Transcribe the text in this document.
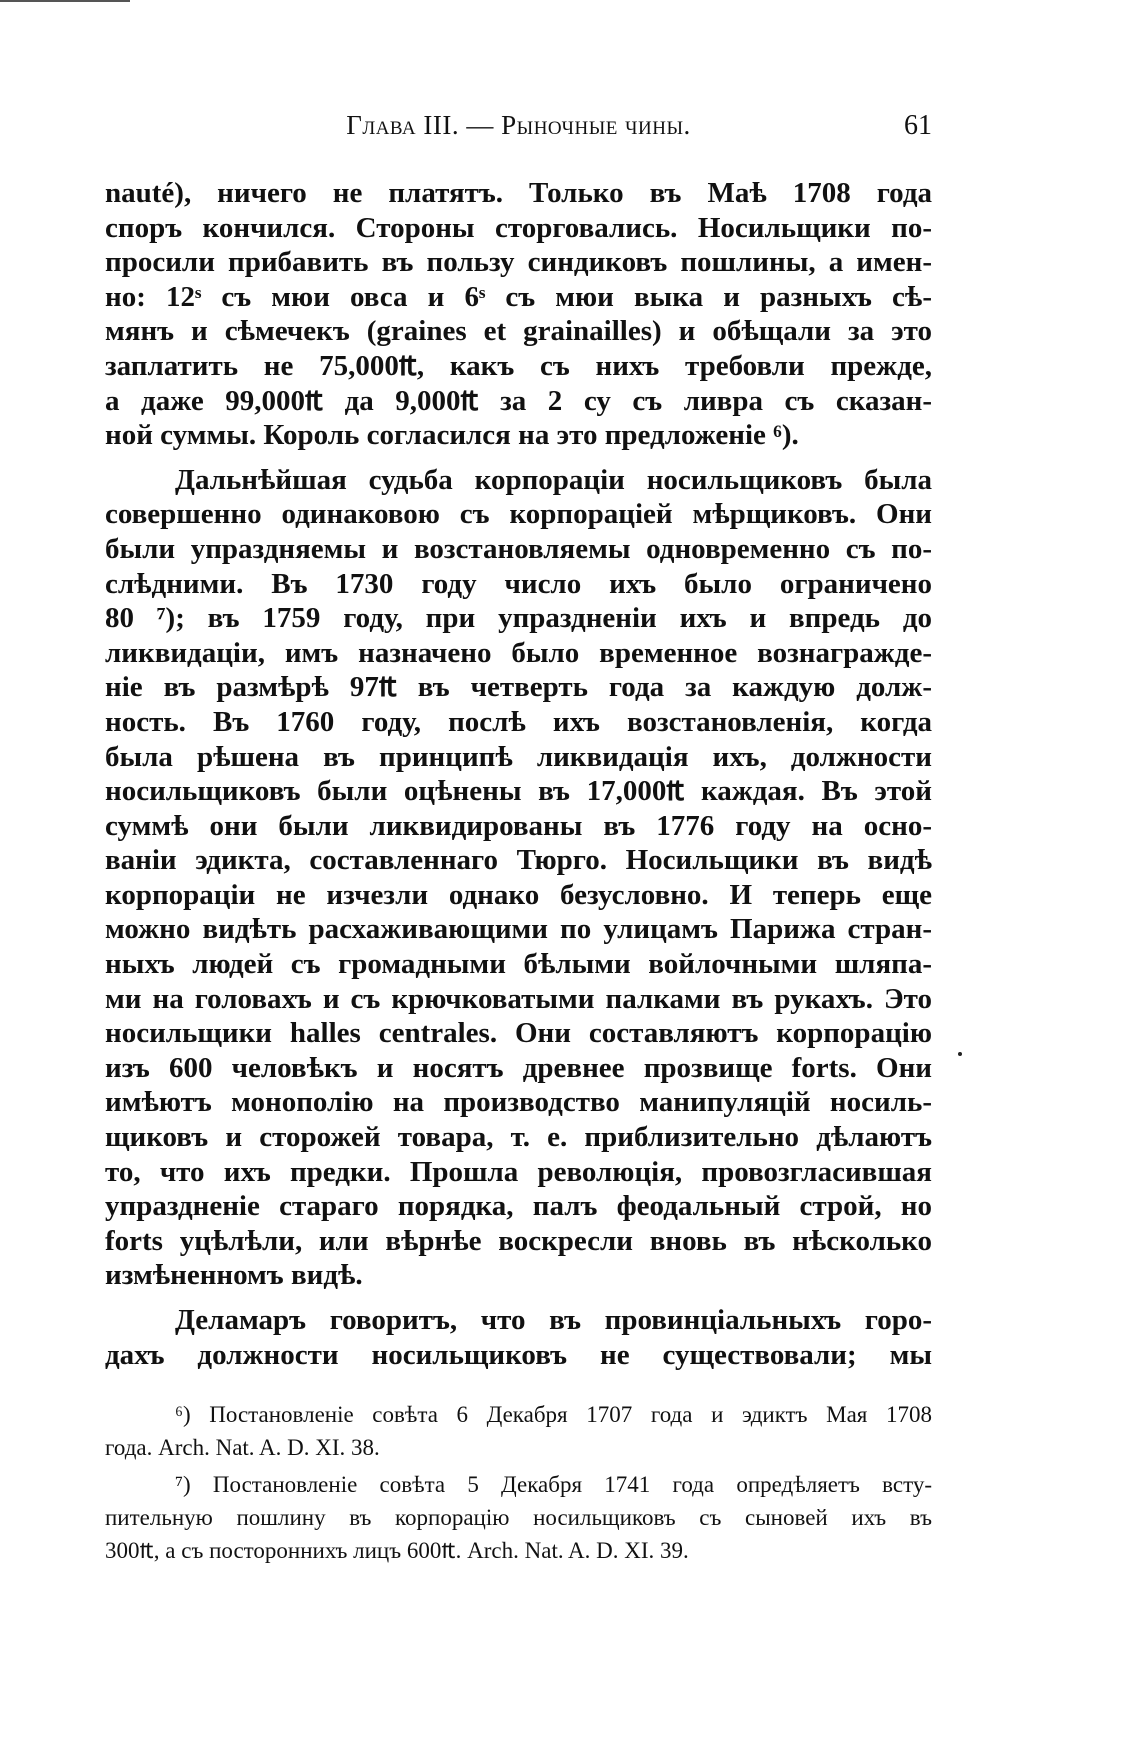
Глава III. — Рыночные чины.	61
nauté), ничего не платятъ. Только въ Маѣ 1708 года
споръ кончился. Стороны сторговались. Носильщики по-
просили прибавить въ пользу синдиковъ пошлины, а имен-
но: 12ˢ съ мюи овса и 6ˢ съ мюи выка и разныхъ сѣ-
мянъ и сѣмечекъ (graines et grainailles) и обѣщали за это
заплатить не 75,000₶, какъ съ нихъ требовли прежде,
а даже 99,000₶ да 9,000₶ за 2 су съ ливра съ сказан-
ной суммы. Король согласился на это предложеніе ⁶).
Дальнѣйшая судьба корпораціи носильщиковъ была
совершенно одинаковою съ корпораціей мѣрщиковъ. Они
были упраздняемы и возстановляемы одновременно съ по-
слѣдними. Въ 1730 году число ихъ было ограничено
80 ⁷); въ 1759 году, при упраздненіи ихъ и впредь до
ликвидаціи, имъ назначено было временное вознагражде-
ніе въ размѣрѣ 97₶ въ четверть года за каждую долж-
ность. Въ 1760 году, послѣ ихъ возстановленія, когда
была рѣшена въ принципѣ ликвидація ихъ, должности
носильщиковъ были оцѣнены въ 17,000₶ каждая. Въ этой
суммѣ они были ликвидированы въ 1776 году на осно-
ваніи эдикта, составленнаго Тюрго. Носильщики въ видѣ
корпораціи не изчезли однако безусловно. И теперь еще
можно видѣть расхаживающими по улицамъ Парижа стран-
ныхъ людей съ громадными бѣлыми войлочными шляпа-
ми на головахъ и съ крючковатыми палками въ рукахъ. Это
носильщики halles centrales. Они составляютъ корпорацію
изъ 600 человѣкъ и носятъ древнее прозвище forts. Они
имѣютъ монополію на производство манипуляцій носиль-
щиковъ и сторожей товара, т. е. приблизительно дѣлаютъ
то, что ихъ предки. Прошла революція, провозгласившая
упраздненіе стараго порядка, палъ феодальный строй, но
forts уцѣлѣли, или вѣрнѣе воскресли вновь въ нѣсколько
измѣненномъ видѣ.
Деламаръ говоритъ, что въ провинціальныхъ горо-
дахъ должности носильщиковъ не существовали; мы
⁶) Постановленіе совѣта 6 Декабря 1707 года и эдиктъ Мая 1708
года. Arch. Nat. A. D. XI. 38.
⁷) Постановленіе совѣта 5 Декабря 1741 года опредѣляетъ всту-
пительную пошлину въ корпорацію носильщиковъ съ сыновей ихъ въ
300₶, а съ постороннихъ лицъ 600₶. Arch. Nat. A. D. XI. 39.
